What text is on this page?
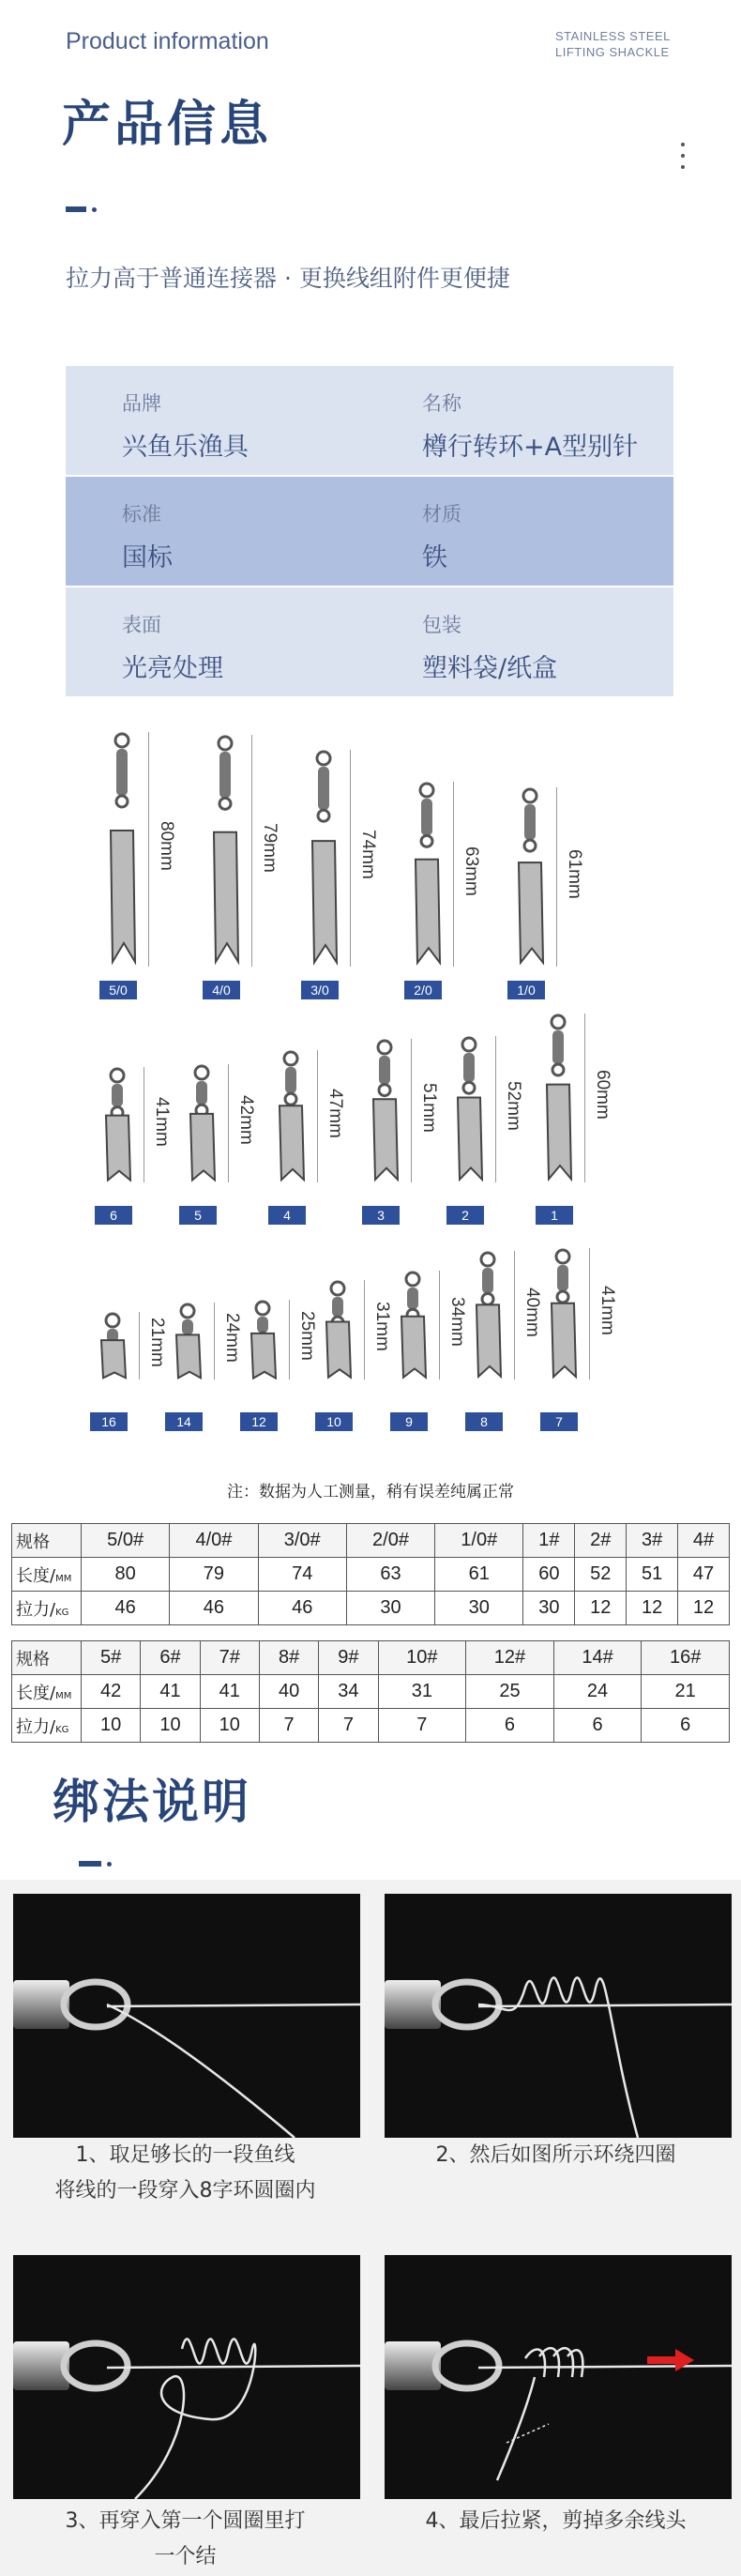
Product information	STAINLESS STEEL LIFTING SHACKLE
产品信息
拉力高于普通连接器 · 更换线组附件更便捷
品牌
兴鱼乐渔具
名称
樽行转环+A型别针
标准
国标
材质
铁
表面
光亮处理
包装
塑料袋/纸盒
80mm
5/0
79mm
4/0
74mm
3/0
63mm
2/0
61mm
1/0
41mm
6
42mm
5
47mm
4
51mm
3
52mm
2
60mm
1
21mm
16
24mm
14
25mm
12
31mm
10
34mm
9
40mm
8
41mm
7
注：数据为人工测量，稍有误差纯属正常
规格	5/0#	4/0#	3/0#	2/0#	1/0#	1#	2#	3#	4#
长度/MM	80	79	74	63	61	60	52	51	47
拉力/KG	46	46	46	30	30	30	12	12	12
规格	5#	6#	7#	8#	9#	10#	12#	14#	16#
长度/MM	42	41	41	40	34	31	25	24	21
拉力/KG	10	10	10	7	7	7	6	6	6
绑法说明
1、取足够长的一段鱼线
将线的一段穿入8字环圆圈内
2、然后如图所示环绕四圈
3、再穿入第一个圆圈里打
一个结
4、最后拉紧，剪掉多余线头
